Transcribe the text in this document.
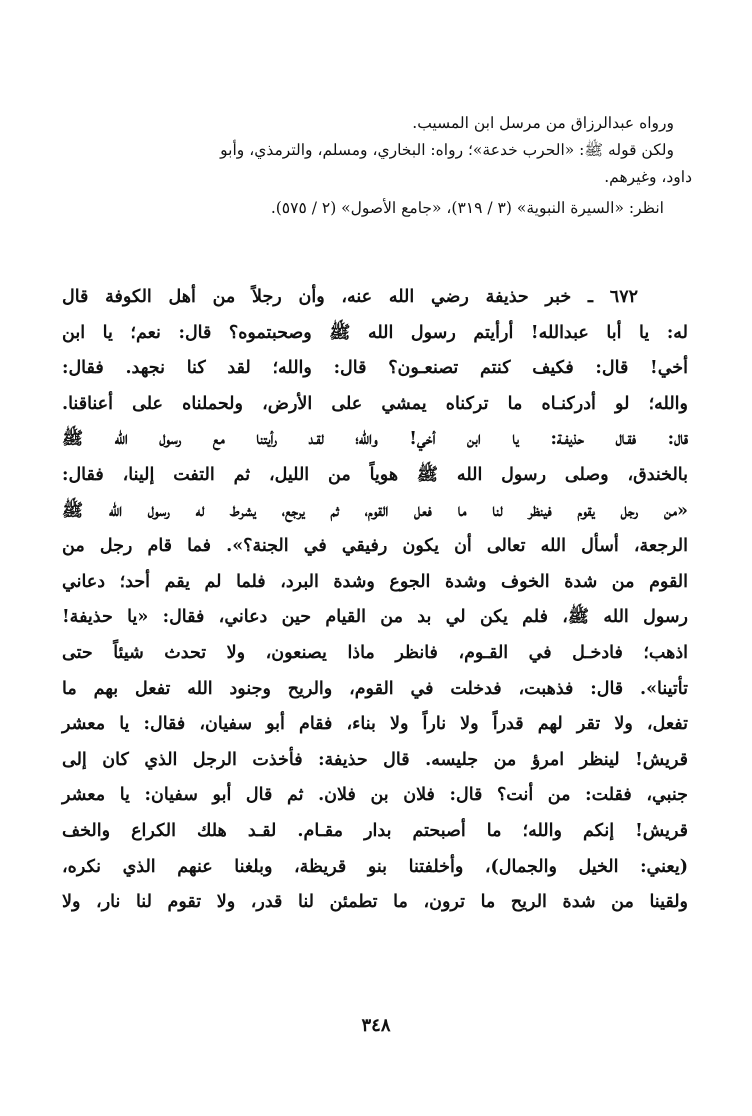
ورواه عبدالرزاق من مرسل ابن المسيب.

ولكن قوله ﷺ: «الحرب خدعة»؛ رواه: البخاري، ومسلم، والترمذي، وأبو

داود، وغيرهم.

انظر: «السيرة النبوية» (٣ / ٣١٩)، «جامع الأصول» (٢ / ٥٧٥).

٦٧٢ ـ خبر حذيفة رضي الله عنه، وأن رجلاً من أهل الكوفة قال
له: يا أبا عبدالله! أرأيتم رسول الله ﷺ وصحبتموه؟ قال: نعم؛ يا ابن
أخي! قال: فكيف كنتم تصنعـون؟ قال: والله؛ لقد كنا نجهد. فقال:
والله؛ لو أدركنـاه ما تركناه يمشي على الأرض، ولحملناه على أعناقنا.
قال: فقـال حذيفـة: يا ابن أخي! والله؛ لقـد رأيتنا مع رسول الله ﷺ
بالخندق، وصلى رسول الله ﷺ هوياً من الليل، ثم التفت إلينا، فقال:
«من رجل يقوم فينظر لنا ما فعل القوم، ثم يرجع، يشرط له رسول الله ﷺ
الرجعة، أسأل الله تعالى أن يكون رفيقي في الجنة؟». فما قام رجل من
القوم من شدة الخوف وشدة الجوع وشدة البرد، فلما لم يقم أحد؛ دعاني
رسول الله ﷺ، فلم يكن لي بد من القيام حين دعاني، فقال: «يا حذيفة!
اذهب؛ فادخـل في القـوم، فانظر ماذا يصنعون، ولا تحدث شيئاً حتى
تأتينا». قال: فذهبت، فدخلت في القوم، والريح وجنود الله تفعل بهم ما
تفعل، ولا تقر لهم قدراً ولا ناراً ولا بناء، فقام أبو سفيان، فقال: يا معشر
قريش! لينظر امرؤ من جليسه. قال حذيفة: فأخذت الرجل الذي كان إلى
جنبي، فقلت: من أنت؟ قال: فلان بن فلان. ثم قال أبو سفيان: يا معشر
قريش! إنكم والله؛ ما أصبحتم بدار مقـام. لقـد هلك الكراع والخف
(يعني: الخيل والجمال)، وأخلفتنا بنو قريظة، وبلغنا عنهم الذي نكره،
ولقينا من شدة الريح ما ترون، ما تطمئن لنا قدر، ولا تقوم لنا نار، ولا
٣٤٨
